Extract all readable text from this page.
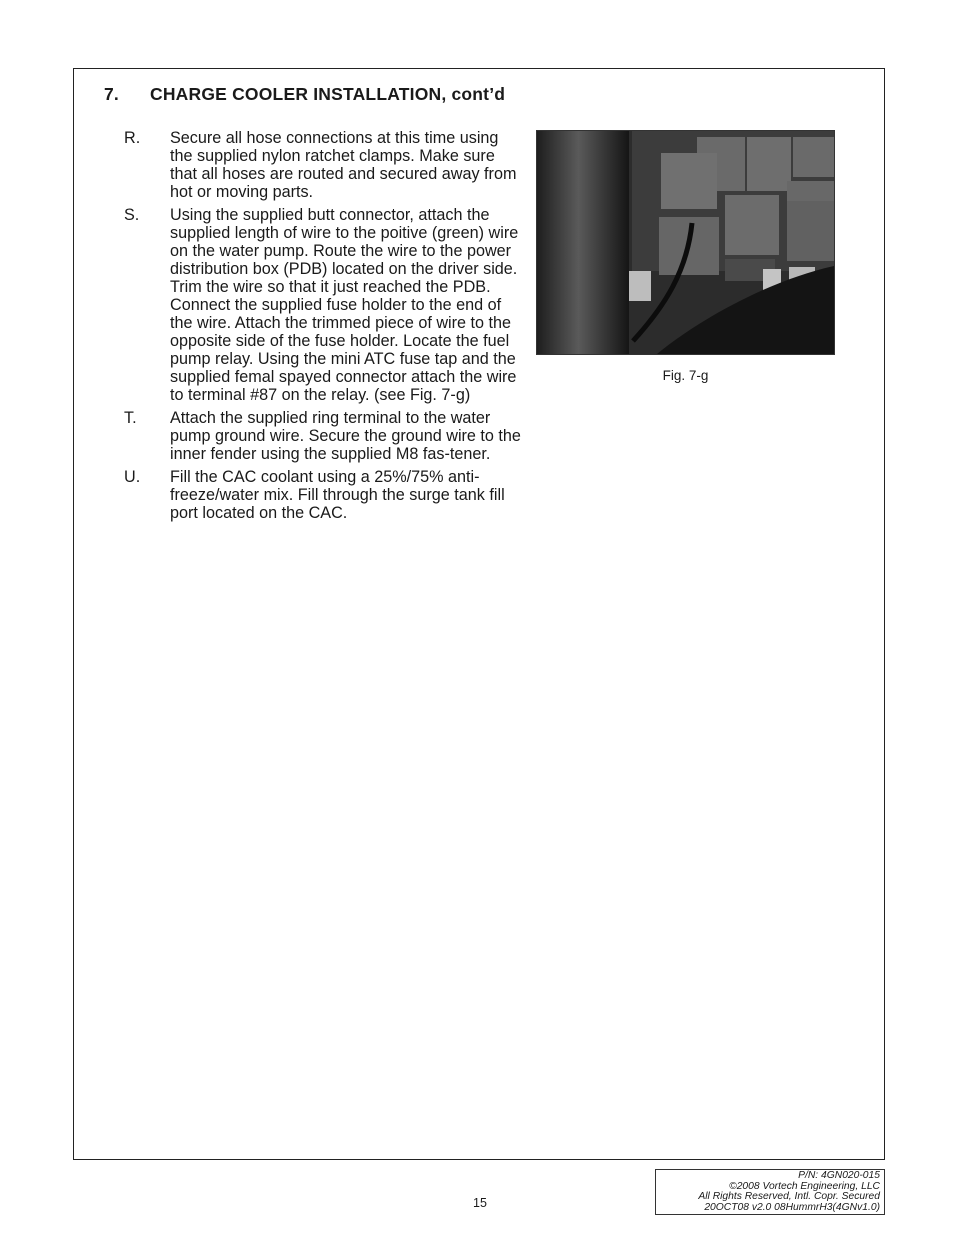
7. CHARGE COOLER INSTALLATION, cont’d
R.	Secure all hose connections at this time using the supplied nylon ratchet clamps. Make sure that all hoses are routed and secured away from hot or moving parts.
S.	Using the supplied butt connector, attach the supplied length of wire to the poitive (green) wire on the water pump. Route the wire to the power distribution box (PDB) located on the driver side. Trim the wire so that it just reached the PDB. Connect the supplied fuse holder to the end of the wire. Attach the trimmed piece of wire to the opposite side of the fuse holder. Locate the fuel pump relay. Using the mini ATC fuse tap and the supplied femal spayed connector attach the wire to terminal #87 on the relay. (see Fig. 7-g)
T.	Attach the supplied ring terminal to the water pump ground wire. Secure the ground wire to the inner fender using the supplied M8 fas-tener.
U.	Fill the CAC coolant using a 25%/75% anti-freeze/water mix. Fill through the surge tank fill port located on the CAC.
Fig. 7-g
15
P/N: 4GN020-015
©2008 Vortech Engineering, LLC
All Rights Reserved, Intl. Copr. Secured
20OCT08 v2.0 08HummrH3(4GNv1.0)
